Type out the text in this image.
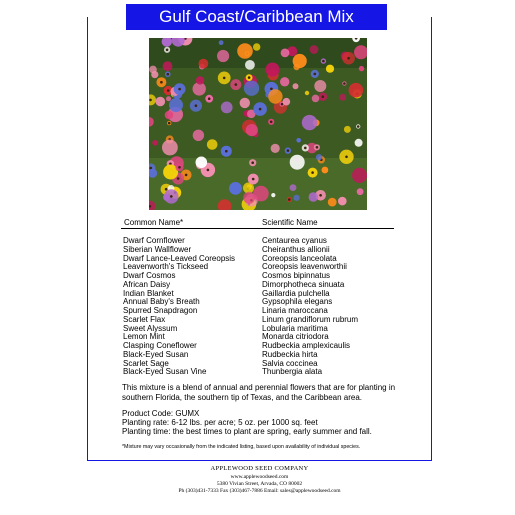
Gulf Coast/Caribbean Mix
Common Name*	Scientific Name
Dwarf Cornflower
Siberian Wallflower
Dwarf Lance-Leaved Coreopsis
Leavenworth's Tickseed
Dwarf Cosmos
African Daisy
Indian Blanket
Annual Baby's Breath
Spurred Snapdragon
Scarlet Flax
Sweet Alyssum
Lemon Mint
Clasping Coneflower
Black-Eyed Susan
Scarlet Sage
Black-Eyed Susan Vine
Centaurea cyanus
Cheiranthus allionii
Coreopsis lanceolata
Coreopsis leavenworthii
Cosmos bipinnatus
Dimorphotheca sinuata
Gaillardia pulchella
Gypsophila elegans
Linaria maroccana
Linum grandiflorum rubrum
Lobularia maritima
Monarda citriodora
Rudbeckia amplexicaulis
Rudbeckia hirta
Salvia coccinea
Thunbergia alata

This mixture is a blend of annual and perennial flowers that are for planting in southern Florida, the southern tip of Texas, and the Caribbean area.

Product Code: GUMX

Planting rate: 6-12 lbs. per acre; 5 oz. per 1000 sq. feet

Planting time: the best times to plant are spring, early summer and fall.

*Mixture may vary occasionally from the indicated listing, based upon availability of individual species.
APPLEWOOD SEED COMPANY
www.applewoodseed.com
5380 Vivian Street, Arvada, CO 80002
Ph (303)431-7333 Fax (303)467-7886 Email: sales@applewoodseed.com
